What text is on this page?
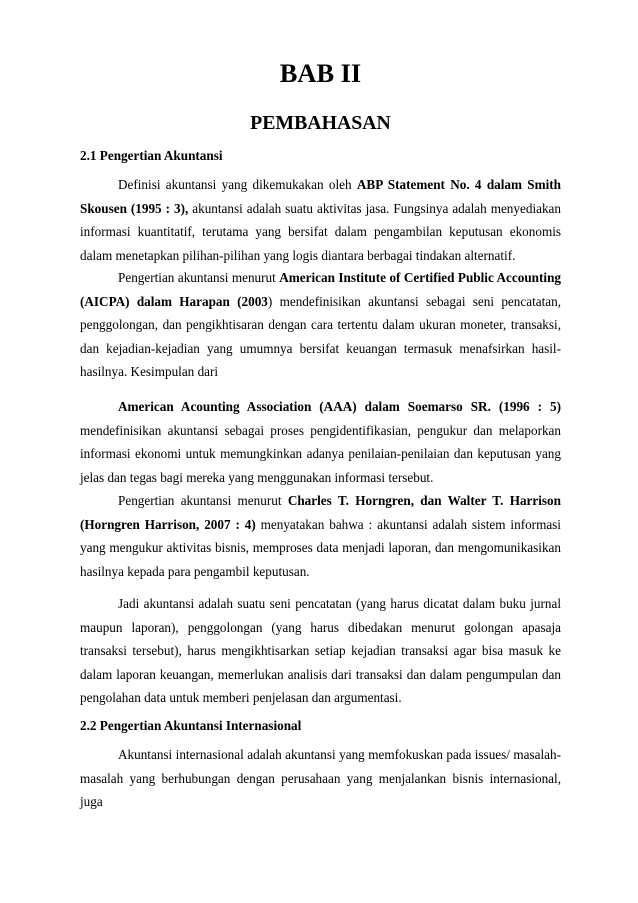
BAB II
PEMBAHASAN
2.1 Pengertian Akuntansi

Definisi akuntansi yang dikemukakan oleh ABP Statement No. 4 dalam Smith Skousen (1995 : 3), akuntansi adalah suatu aktivitas jasa. Fungsinya adalah menyediakan informasi kuantitatif, terutama yang bersifat dalam pengambilan keputusan ekonomis dalam menetapkan pilihan-pilihan yang logis diantara berbagai tindakan alternatif.

Pengertian akuntansi menurut American Institute of Certified Public Accounting (AICPA) dalam Harapan (2003) mendefinisikan akuntansi sebagai seni pencatatan, penggolongan, dan pengikhtisaran dengan cara tertentu dalam ukuran moneter, transaksi, dan kejadian-kejadian yang umumnya bersifat keuangan termasuk menafsirkan hasil-hasilnya. Kesimpulan dari

American Acounting Association (AAA) dalam Soemarso SR. (1996 : 5) mendefinisikan akuntansi sebagai proses pengidentifikasian, pengukur dan melaporkan informasi ekonomi untuk memungkinkan adanya penilaian-penilaian dan keputusan yang jelas dan tegas bagi mereka yang menggunakan informasi tersebut.

Pengertian akuntansi menurut Charles T. Horngren, dan Walter T. Harrison (Horngren Harrison, 2007 : 4) menyatakan bahwa : akuntansi adalah sistem informasi yang mengukur aktivitas bisnis, memproses data menjadi laporan, dan mengomunikasikan hasilnya kepada para pengambil keputusan.

Jadi akuntansi adalah suatu seni pencatatan (yang harus dicatat dalam buku jurnal maupun laporan), penggolongan (yang harus dibedakan menurut golongan apasaja transaksi tersebut), harus mengikhtisarkan setiap kejadian transaksi agar bisa masuk ke dalam laporan keuangan, memerlukan analisis dari transaksi dan dalam pengumpulan dan pengolahan data untuk memberi penjelasan dan argumentasi.

2.2 Pengertian Akuntansi Internasional

Akuntansi internasional adalah akuntansi yang memfokuskan pada issues/ masalah-masalah yang berhubungan dengan perusahaan yang menjalankan bisnis internasional, juga
